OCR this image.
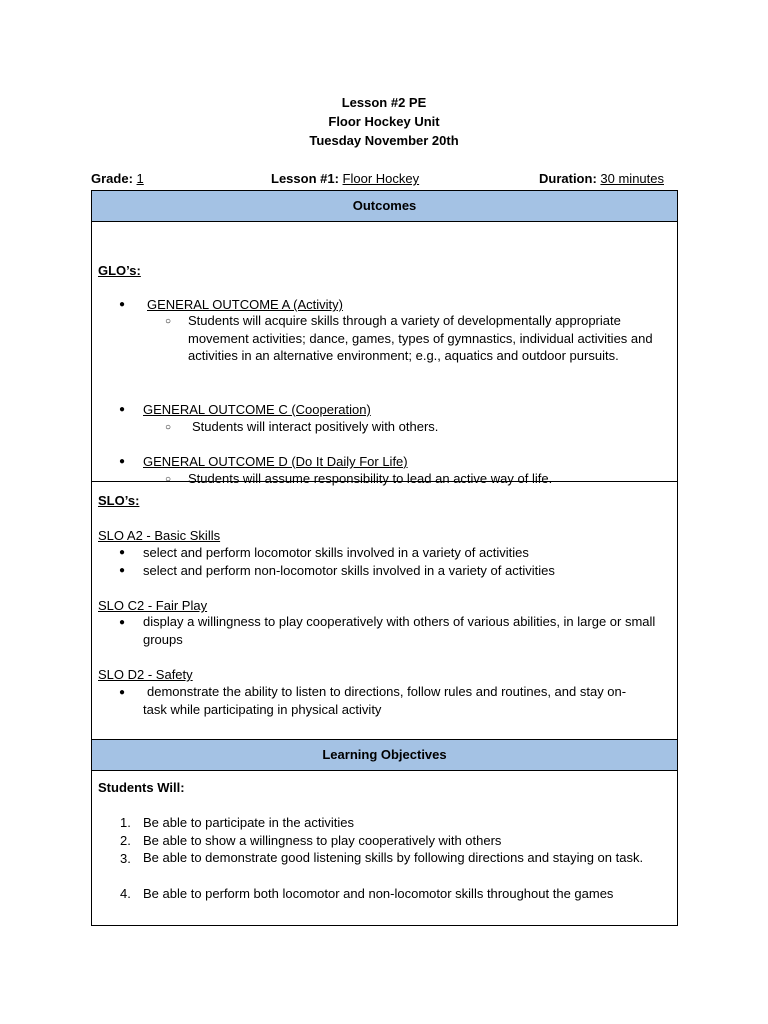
Lesson #2 PE
Floor Hockey Unit
Tuesday November 20th
Grade: 1	Lesson #1: Floor Hockey	Duration: 30 minutes
Outcomes
GLO’s:
● GENERAL OUTCOME A (Activity)
○ Students will acquire skills through a variety of developmentally appropriate movement activities; dance, games, types of gymnastics, individual activities and activities in an alternative environment; e.g., aquatics and outdoor pursuits.
● GENERAL OUTCOME C (Cooperation)
○ Students will interact positively with others.
● GENERAL OUTCOME D (Do It Daily For Life)
○ Students will assume responsibility to lead an active way of life.
SLO’s:
SLO A2 - Basic Skills
● select and perform locomotor skills involved in a variety of activities
● select and perform non-locomotor skills involved in a variety of activities
SLO C2 - Fair Play
● display a willingness to play cooperatively with others of various abilities, in large or small groups
SLO D2 - Safety
●	demonstrate the ability to listen to directions, follow rules and routines, and stay on-task while participating in physical activity
Learning Objectives
Students Will:
1. Be able to participate in the activities
2. Be able to show a willingness to play cooperatively with others
3. Be able to demonstrate good listening skills by following directions and staying on task.
4. Be able to perform both locomotor and non-locomotor skills throughout the games
